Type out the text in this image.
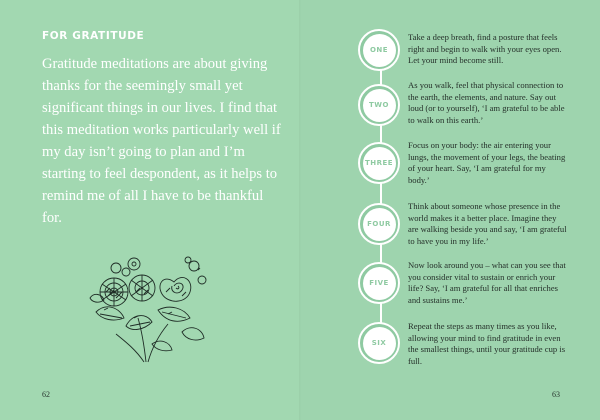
FOR GRATITUDE

Gratitude meditations are about giving thanks for the seemingly small yet significant things in our lives. I find that this meditation works particularly well if my day isn’t going to plan and I’m starting to feel despondent, as it helps to remind me of all I have to be thankful for.

62
ONE
Take a deep breath, find a posture that feels right and begin to walk with your eyes open. Let your mind become still.
TWO
As you walk, feel that physical connection to the earth, the elements, and nature. Say out loud (or to yourself), ‘I am grateful to be able to walk on this earth.’
THREE
Focus on your body: the air entering your lungs, the movement of your legs, the beating of your heart. Say, ‘I am grateful for my body.’
FOUR
Think about someone whose presence in the world makes it a better place. Imagine they are walking beside you and say, ‘I am grateful to have you in my life.’
FIVE
Now look around you – what can you see that you consider vital to sustain or enrich your life? Say, ‘I am grateful for all that enriches and sustains me.’
SIX
Repeat the steps as many times as you like, allowing your mind to find gratitude in even the smallest things, until your gratitude cup is full.
63
